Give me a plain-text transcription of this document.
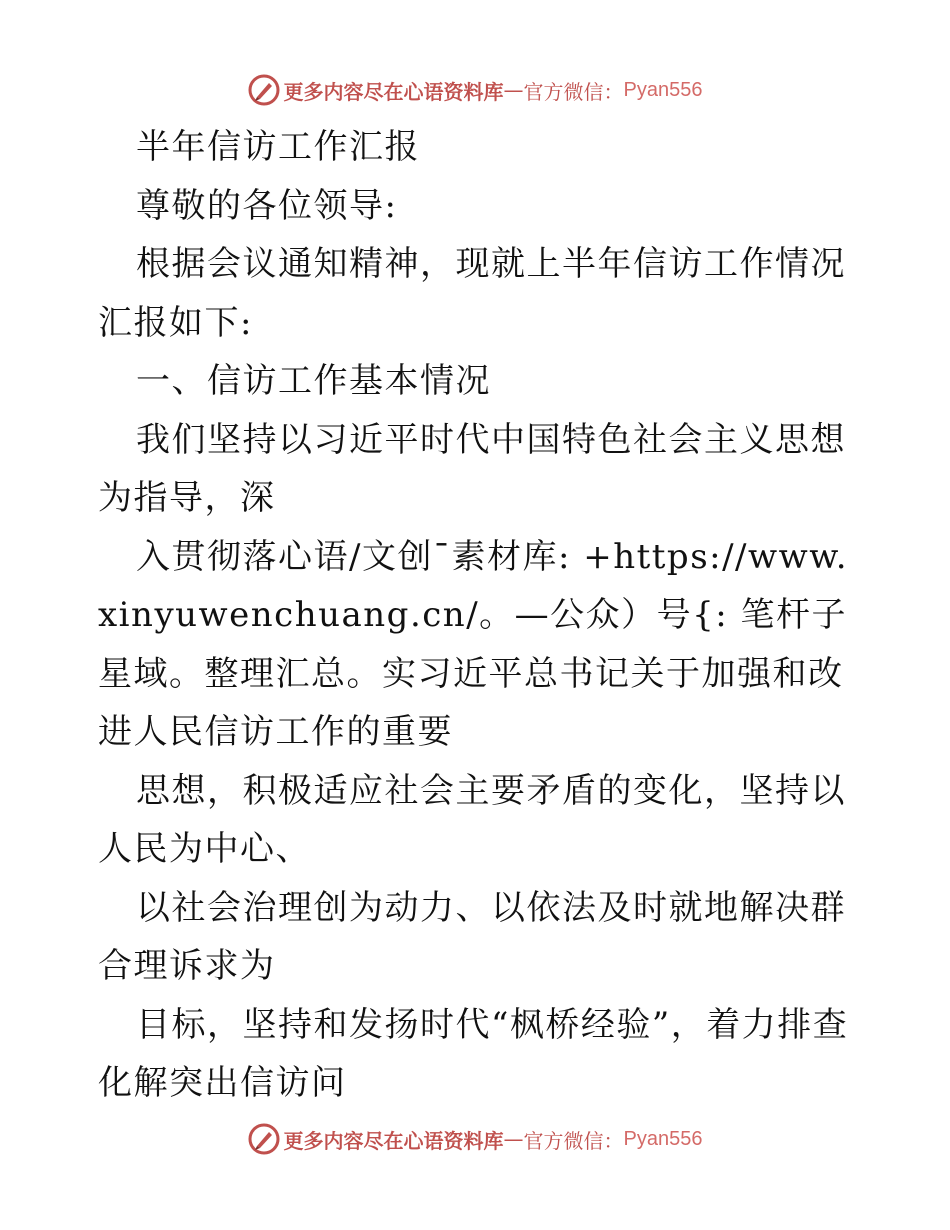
更多内容尽在心语资料库 — 官方微信： Pyan556

半年信访工作汇报

尊敬的各位领导:

根据会议通知精神，现就上半年信访工作情况汇报如下:

一、信访工作基本情况

我们坚持以习近平时代中国特色社会主义思想为指导，深

入贯彻落心语/文创¯素材库: +https://www.xinyuwenchuang.cn/。—公众）号{: 笔杆子星域。整理汇总。实习近平总书记关于加强和改进人民信访工作的重要

思想，积极适应社会主要矛盾的变化，坚持以人民为中心、

以社会治理创为动力、以依法及时就地解决群合理诉求为

目标，坚持和发扬时代“枫桥经验”，着力排查化解突出信访问

更多内容尽在心语资料库 — 官方微信： Pyan556
